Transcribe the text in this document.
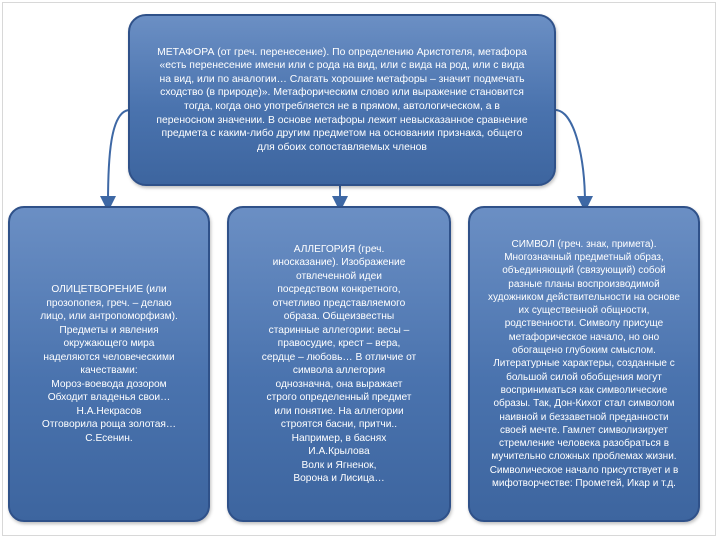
МЕТАФОРА (от греч. перенесение). По определению Аристотеля, метафора
«есть перенесение имени или с рода на вид, или с вида на род, или с вида
на вид, или по аналогии… Слагать хорошие метафоры – значит подмечать
сходство (в природе)». Метафорическим слово или выражение становится
тогда, когда оно употребляется не в прямом, автологическом, а в
переносном значении. В основе метафоры лежит невысказанное сравнение
предмета с каким-либо другим предметом на основании признака, общего
для обоих сопоставляемых членов
ОЛИЦЕТВОРЕНИЕ (или
прозопопея, греч. – делаю
лицо, или антропоморфизм).
Предметы и явления
окружающего мира
наделяются человеческими
качествами:
Мороз-воевода дозором
Обходит владенья свои…
Н.А.Некрасов
Отговорила роща золотая…
С.Есенин.
АЛЛЕГОРИЯ (греч.
иносказание). Изображение
отвлеченной идеи
посредством конкретного,
отчетливо представляемого
образа. Общеизвестны
старинные аллегории: весы –
правосудие, крест – вера,
сердце – любовь… В отличие от
символа аллегория
однозначна, она выражает
строго определенный предмет
или понятие. На аллегории
строятся басни, притчи..
Например, в баснях
И.А.Крылова
Волк и Ягненок,
Ворона и Лисица…
СИМВОЛ (греч. знак, примета).
Многозначный предметный образ,
объединяющий (связующий) собой
разные планы воспроизводимой
художником действительности на основе
их существенной общности,
родственности. Символу присуще
метафорическое начало, но оно
обогащено глубоким смыслом.
Литературные характеры, созданные с
большой силой обобщения могут
восприниматься как символические
образы. Так, Дон-Кихот стал символом
наивной и беззаветной преданности
своей мечте. Гамлет символизирует
стремление человека разобраться в
мучительно сложных проблемах жизни.
Символическое начало присутствует и в
мифотворчестве: Прометей, Икар и т.д.
